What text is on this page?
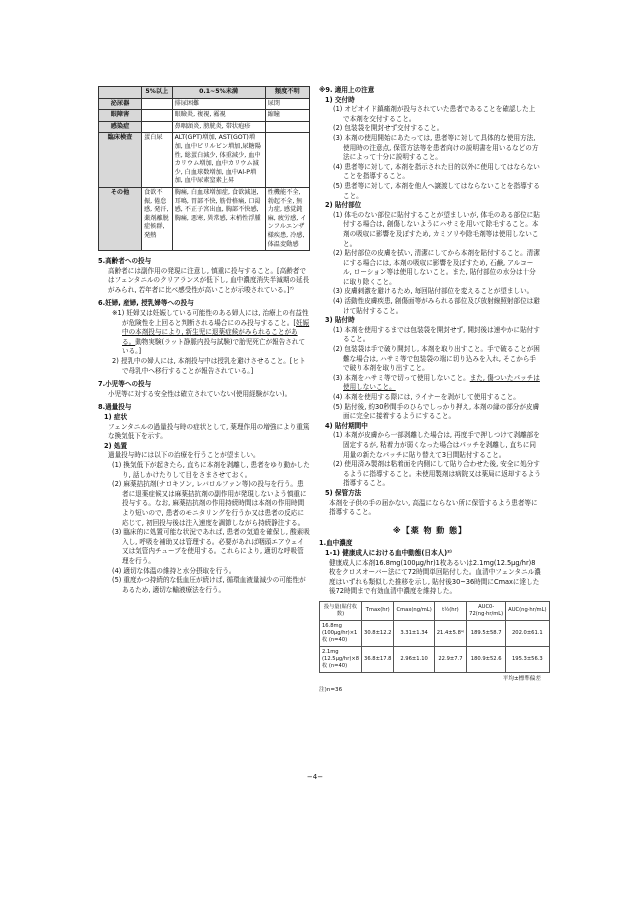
	5%以上	0.1~5%未満	頻度不明
泌尿器		排尿困難	尿閉
眼障害		眼瞼炎, 複視, 霧視	縮瞳
感染症		鼻咽頭炎, 膀胱炎, 帯状疱疹	
臨床検査	蛋白尿	ALT(GPT)増加, AST(GOT)増加, 血中ビリルビン増加,尿糖陽性, 総蛋白減少, 体重減少, 血中カリウム増加, 血中カリウム減少, 白血球数増加, 血中Al-P増加, 血中尿素窒素上昇	
その他	食欲不振, 倦怠感, 発汗, 薬剤離脱症候群, 発熱	胸痛, 白血球増加症, 食欲減退, 耳鳴, 胃部不快, 筋骨格痛, 口渇感, 不正子宮出血, 胸部不快感, 胸痛, 悪寒, 異常感, 末梢性浮腫	性機能不全, 勃起不全, 無力症, 感覚鈍麻, 疲労感, インフルエンザ様疾患, 冷感, 体温変動感
5.高齢者への投与
高齢者には副作用の発現に注意し, 慎重に投与すること。[高齢者ではフェンタニルのクリアランスが低下し, 血中濃度消失半減期の延長がみられ, 若年者に比べ感受性が高いことが示唆されている。]⁷⁾
6.妊婦, 産婦, 授乳婦等への投与
※1) 妊婦又は妊娠している可能性のある婦人には, 治療上の有益性が危険性を上回ると判断される場合にのみ投与すること。[妊娠中の本剤投与により, 新生児に退薬症候がみられることがある。動物実験(ラット静脈内投与試験)で胎児死亡が報告されている。]
2) 授乳中の婦人には, 本剤投与中は授乳を避けさせること。[ヒト で母乳中へ移行することが報告されている。]
7.小児等への投与
小児等に対する安全性は確立されていない(使用経験がない)。
8.過量投与
1) 症状
フェンタニルの過量投与時の症状として, 薬理作用の増強により重篤な換気低下を示す。
2) 処置
過量投与時には以下の治療を行うことが望ましい。
(1) 換気低下が起きたら, 直ちに本剤を剥離し, 患者をゆり動かしたり, 話しかけたりして目をさまさせておく。
(2) 麻薬拮抗剤(ナロキソン, レバロルファン等)の投与を行う。患者に退薬症候又は麻薬拮抗剤の副作用が発現しないよう慎重に投与する。なお, 麻薬拮抗剤の作用持続時間は本剤の作用時間より短いので, 患者のモニタリングを行うか又は患者の反応に応じて, 初回投与後は注入速度を調節しながら持続静注する。
(3) 臨床的に処置可能な状況であれば, 患者の気道を確保し, 酸素吸入し, 呼吸を補助又は管理する。必要があれば咽頭エアウェイ又は気管内チューブを使用する。これらにより, 適切な呼吸管理を行う。
(4) 適切な体温の維持と水分摂取を行う。
(5) 重度かつ持続的な低血圧が続けば, 循環血液量減少の可能性があるため, 適切な輸液療法を行う。
※9. 適用上の注意
1) 交付時
(1) オピオイド鎮痛剤が投与されていた患者であることを確認した上で本剤を交付すること。
(2) 包装袋を開封せず交付すること。
(3) 本剤の使用開始にあたっては, 患者等に対して具体的な使用方法, 使用時の注意点, 保管方法等を患者向けの説明書を用いるなどの方法によって十分に説明すること。
(4) 患者等に対して, 本剤を指示された目的以外に使用してはならないことを指導すること。
(5) 患者等に対して, 本剤を他人へ譲渡してはならないことを指導すること。
2) 貼付部位
(1) 体毛のない部位に貼付することが望ましいが, 体毛のある部位に貼付する場合は, 創傷しないようにハサミを用いて除毛すること。本剤の吸収に影響を及ぼすため, カミソリや除毛剤等は使用しないこと。
(2) 貼付部位の皮膚を拭い, 清潔にしてから本剤を貼付すること。清潔にする場合には, 本剤の吸収に影響を及ぼすため, 石鹸, アルコール, ローション等は使用しないこと。また, 貼付部位の水分は十分に取り除くこと。
(3) 皮膚刺激を避けるため, 毎回貼付部位を変えることが望ましい。
(4) 活動性皮膚疾患, 創傷面等がみられる部位及び放射線照射部位は避けて貼付すること。
3) 貼付時
(1) 本剤を使用するまでは包装袋を開封せず, 開封後は速やかに貼付すること。
(2) 包装袋は手で破り開封し, 本剤を取り出すこと。手で破ることが困難な場合は, ハサミ等で包装袋の端に切り込みを入れ, そこから手で破り本剤を取り出すこと。
(3) 本剤をハサミ等で切って使用しないこと。また, 傷ついたパッチは使用しないこと。
(4) 本剤を使用する際には, ライナーを剥がして使用すること。
(5) 貼付後, 約30秒間手のひらでしっかり押え, 本剤の縁の部分が皮膚面に完全に接着するようにすること。
4) 貼付期間中
(1) 本剤が皮膚から一部剥離した場合は, 再度手で押しつけて剥離部を固定するが, 粘着力が弱くなった場合はパッチを剥離し, 直ちに同用量の新たなパッチに貼り替えて3日間貼付すること。
(2) 使用済み製剤は粘着面を内側にして貼り合わせた後, 安全に処分するように指導すること。未使用製剤は病院又は薬局に返却するよう指導すること。
5) 保管方法
本剤を子供の手の届かない, 高温にならない所に保管するよう患者等に指導すること。
※【薬 物 動 態】
1.血中濃度
1-1) 健康成人における血中動態(日本人)²⁾
健康成人に本剤16.8mg(100μg/hr)1枚あるいは2.1mg(12.5μg/hr)8枚をクロスオーバー法にて72時間単回貼付した。血清中フェンタニル濃度はいずれも類似した推移を示し, 貼付後30~36時間にCmaxに達した後72時間まで有効血清中濃度を維持した。
投与量(貼付枚数)	Tmax(hr)	Cmax(ng/mL)	t½(hr)	AUC0-72(ng·hr/mL)	AUC(ng·hr/mL)
16.8mg (100μg/hr)×1枚 (n=40)	30.8±12.2	3.31±1.34	21.4±5.8ᵃ⁾	189.5±58.7	202.0±61.1
2.1mg (12.5μg/hr)×8枚 (n=40)	36.8±17.8	2.96±1.10	22.9±7.7	180.9±52.6	195.3±56.3
平均±標準偏差
注)n=36
−4−
